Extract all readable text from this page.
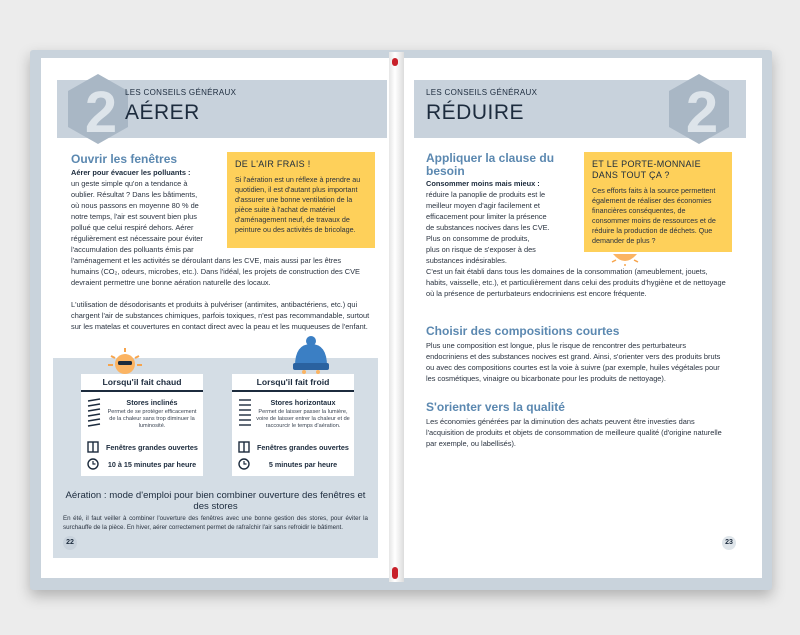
2 LES CONSEILS GÉNÉRAUX
AÉRER
Ouvrir les fenêtres
Aérer pour évacuer les polluants :
un geste simple qu'on a tendance à
oublier. Résultat ? Dans les bâtiments,
où nous passons en moyenne 80 % de
notre temps, l'air est souvent bien plus
pollué que celui respiré dehors. Aérer
régulièrement est nécessaire pour éviter
l'accumulation des polluants émis par
l'aménagement et les activités se déroulant dans les CVE, mais aussi par les êtres humains (CO₂, odeurs, microbes, etc.). Dans l'idéal, les projets de construction des CVE devraient permettre une bonne aération naturelle des locaux.
L'utilisation de désodorisants et produits à pulvériser (antimites, antibactériens, etc.) qui chargent l'air de substances chimiques, parfois toxiques, n'est pas recommandable, surtout sur les matelas et couvertures en contact direct avec la peau et les muqueuses de l'enfant.
DE L'AIR FRAIS !
Si l'aération est un réflexe à prendre au quotidien, il est d'autant plus important d'assurer une bonne ventilation de la pièce suite à l'achat de matériel d'aménagement neuf, de travaux de peinture ou des activités de bricolage.
Lorsqu'il fait chaud
Stores inclinés
Permet de se protéger efficacement de la chaleur sans trop diminuer la luminosité.
Fenêtres grandes ouvertes
10 à 15 minutes par heure
Lorsqu'il fait froid
Stores horizontaux
Permet de laisser passer la lumière, voire de laisser entrer la chaleur et de raccourcir le temps d'aération.
Fenêtres grandes ouvertes
5 minutes par heure
Aération : mode d'emploi pour bien combiner ouverture des fenêtres et des stores
En été, il faut veiller à combiner l'ouverture des fenêtres avec une bonne gestion des stores, pour éviter la surchauffe de la pièce. En hiver, aérer correctement permet de rafraîchir l'air sans refroidir le bâtiment.
22
2
LES CONSEILS GÉNÉRAUX
RÉDUIRE
Appliquer la clause du besoin
Consommer moins mais mieux :
réduire la panoplie de produits est le
meilleur moyen d'agir facilement et
efficacement pour limiter la présence
de substances nocives dans les CVE.
Plus on consomme de produits,
plus on risque de s'exposer à des
substances indésirables.
C'est un fait établi dans tous les domaines de la consommation (ameublement, jouets, habits, vaisselle, etc.), et particulièrement dans celui des produits d'hygiène et de nettoyage où la présence de perturbateurs endocriniens est encore fréquente.
Choisir des compositions courtes
Plus une composition est longue, plus le risque de rencontrer des perturbateurs endocriniens et des substances nocives est grand. Ainsi, s'orienter vers des produits bruts ou avec des compositions courtes est la voie à suivre (par exemple, huiles végétales pour les cosmétiques, vinaigre ou bicarbonate pour les produits de nettoyage).
S'orienter vers la qualité
Les économies générées par la diminution des achats peuvent être investies dans l'acquisition de produits et objets de consommation de meilleure qualité (d'origine naturelle par exemple, ou labellisés).
ET LE PORTE-MONNAIE DANS TOUT ÇA ?
Ces efforts faits à la source permettent également de réaliser des économies financières conséquentes, de consommer moins de ressources et de réduire la production de déchets. Que demander de plus ?
23
